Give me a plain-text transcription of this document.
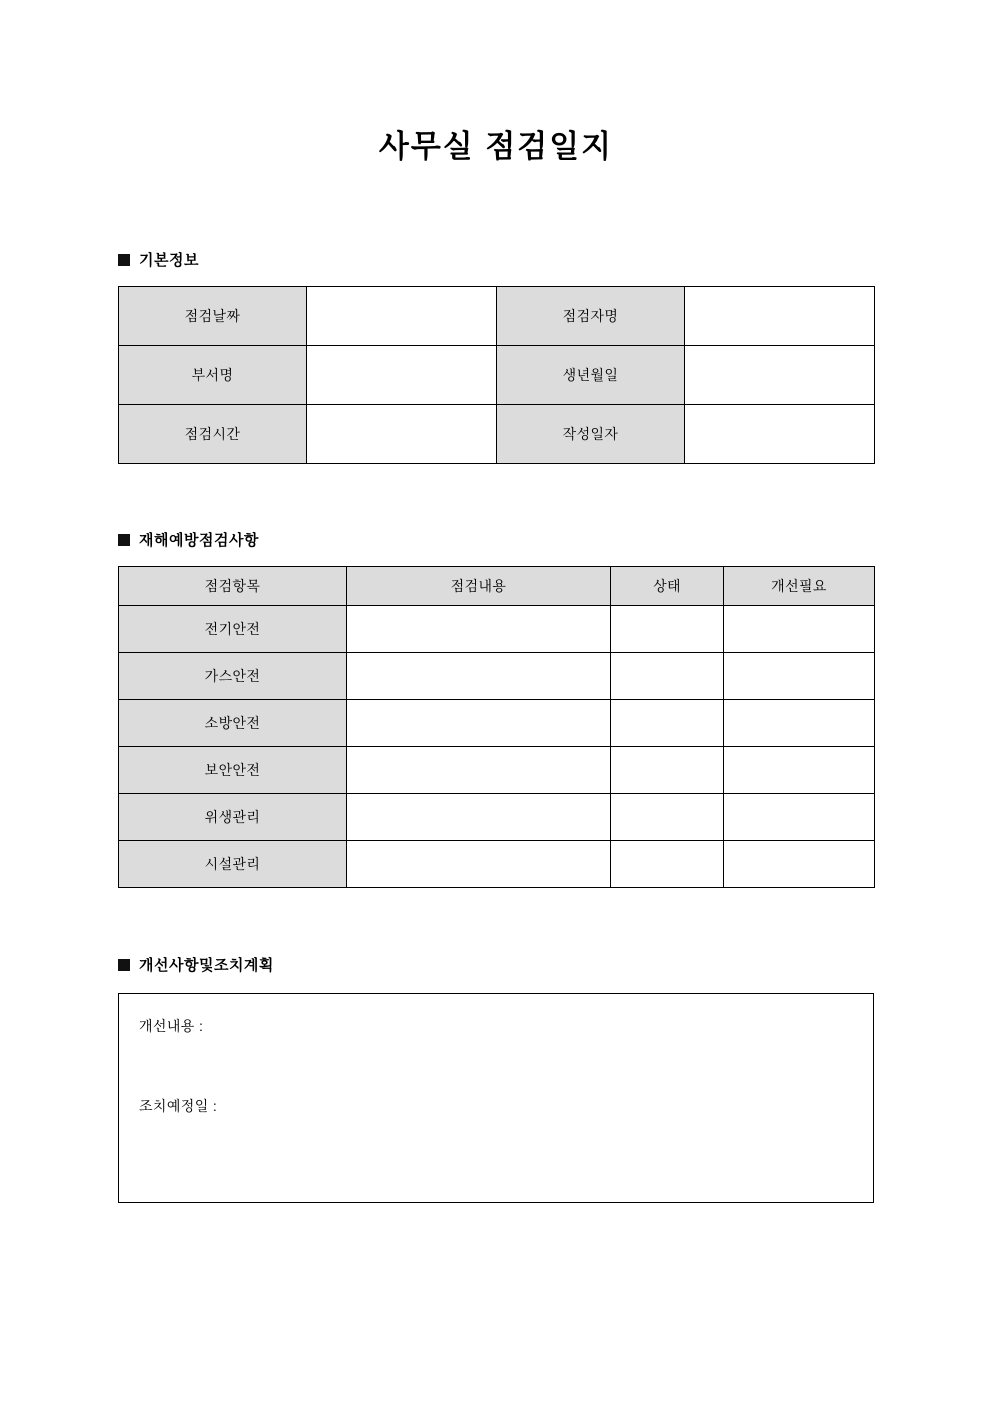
사무실 점검일지
기본정보
점검날짜		점검자명	
부서명		생년월일	
점검시간		작성일자	
재해예방점검사항
점검항목	점검내용	상태	개선필요
전기안전			
가스안전			
소방안전			
보안안전			
위생관리			
시설관리			
개선사항및조치계획
개선내용 :
조치예정일 :
